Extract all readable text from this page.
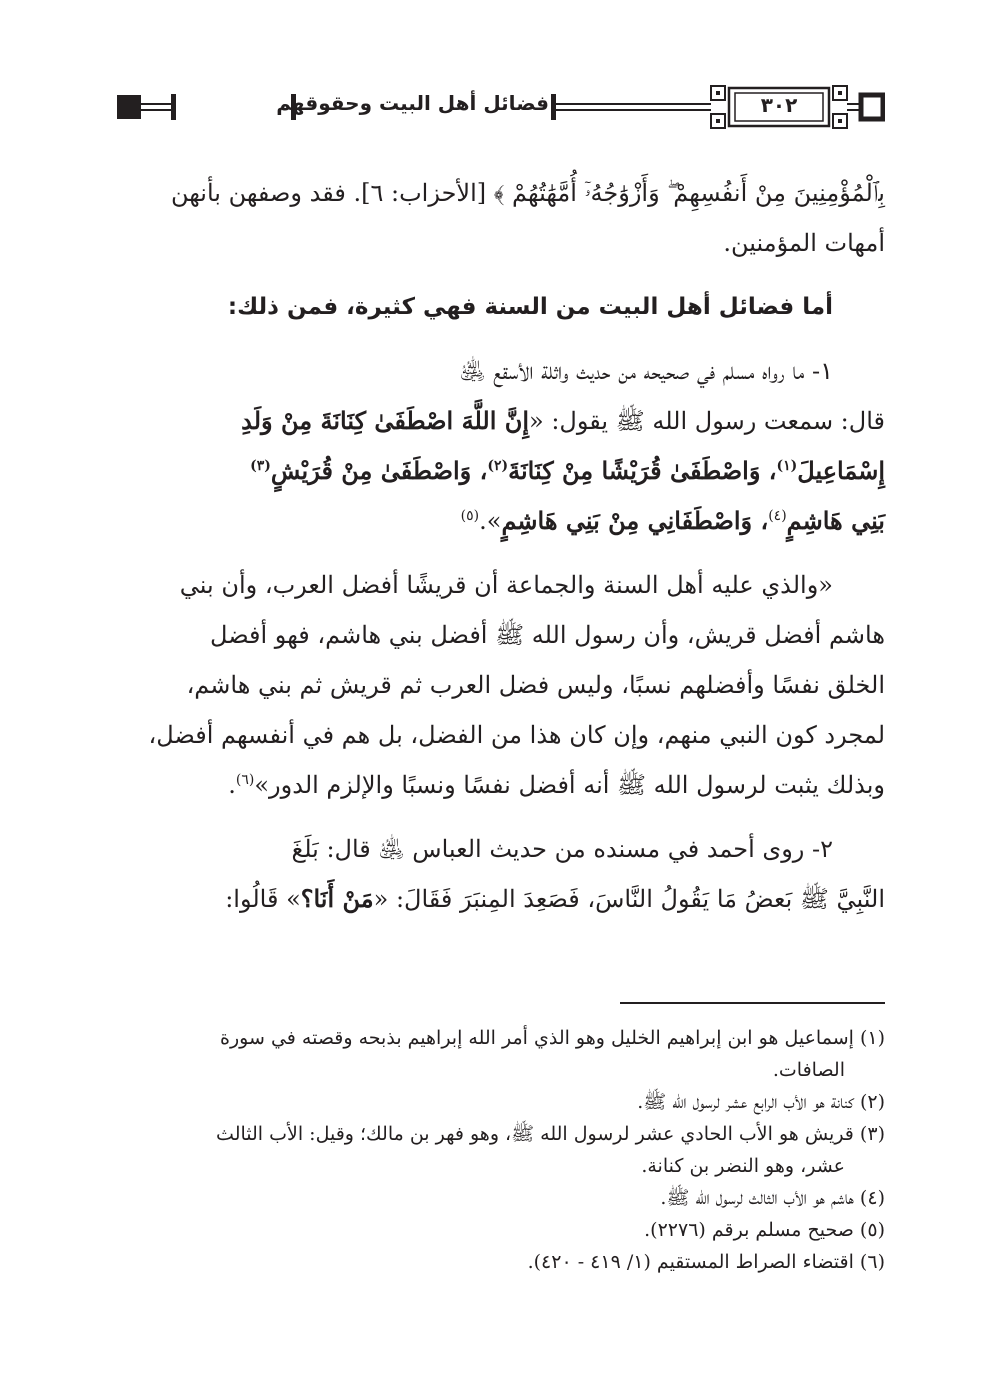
فضائل أهل البيت وحقوقهم	٣٠٢

بِٱلْمُؤْمِنِينَ مِنْ أَنفُسِهِمْ ۖ وَأَزْوَٰجُهُۥٓ أُمَّهَٰتُهُمْ ﴾ [الأحزاب: ٦]. فقد وصفهن بأنهن
أمهات المؤمنين.

أما فضائل أهل البيت من السنة فهي كثيرة، فمن ذلك:

١- ما رواه مسلم في صحيحه من حديث واثلة الأسقع ﵁
قال: سمعت رسول الله ﷺ يقول: «إِنَّ اللَّهَ اصْطَفَىٰ كِنَانَةَ مِنْ وَلَدِ
إِسْمَاعِيلَ$^{(١)}$، وَاصْطَفَىٰ قُرَيْشًا مِنْ كِنَانَةَ$^{(٢)}$، وَاصْطَفَىٰ مِنْ قُرَيْشٍ$^{(٣)}$
بَنِي هَاشِمٍ$^{(٤)}$، وَاصْطَفَانِي مِنْ بَنِي هَاشِمٍ».$^{(٥)}$

«والذي عليه أهل السنة والجماعة أن قريشًا أفضل العرب، وأن بني
هاشم أفضل قريش، وأن رسول الله ﷺ أفضل بني هاشم، فهو أفضل
الخلق نفسًا وأفضلهم نسبًا، وليس فضل العرب ثم قريش ثم بني هاشم،
لمجرد كون النبي منهم، وإن كان هذا من الفضل، بل هم في أنفسهم أفضل،
وبذلك يثبت لرسول الله ﷺ أنه أفضل نفسًا ونسبًا والإلزم الدور»$^{(٦)}$.

٢- روى أحمد في مسنده من حديث العباس ﵁ قال: بَلَغَ
النَّبِيَّ ﷺ بَعضُ مَا يَقُولُ النَّاسَ، فَصَعِدَ المِنبَرَ فَقَالَ: «مَنْ أَنَا؟» قَالُوا:

(١) إسماعيل هو ابن إبراهيم الخليل وهو الذي أمر الله إبراهيم بذبحه وقصته في سورة
الصافات.
(٢) كنانة هو الأب الرابع عشر لرسول الله ﷺ.
(٣) قريش هو الأب الحادي عشر لرسول الله ﷺ، وهو فهر بن مالك؛ وقيل: الأب الثالث
عشر، وهو النضر بن كنانة.
(٤) هاشم هو الأب الثالث لرسول الله ﷺ.
(٥) صحيح مسلم برقم (٢٢٧٦).
(٦) اقتضاء الصراط المستقيم (١/ ٤١٩ - ٤٢٠).
